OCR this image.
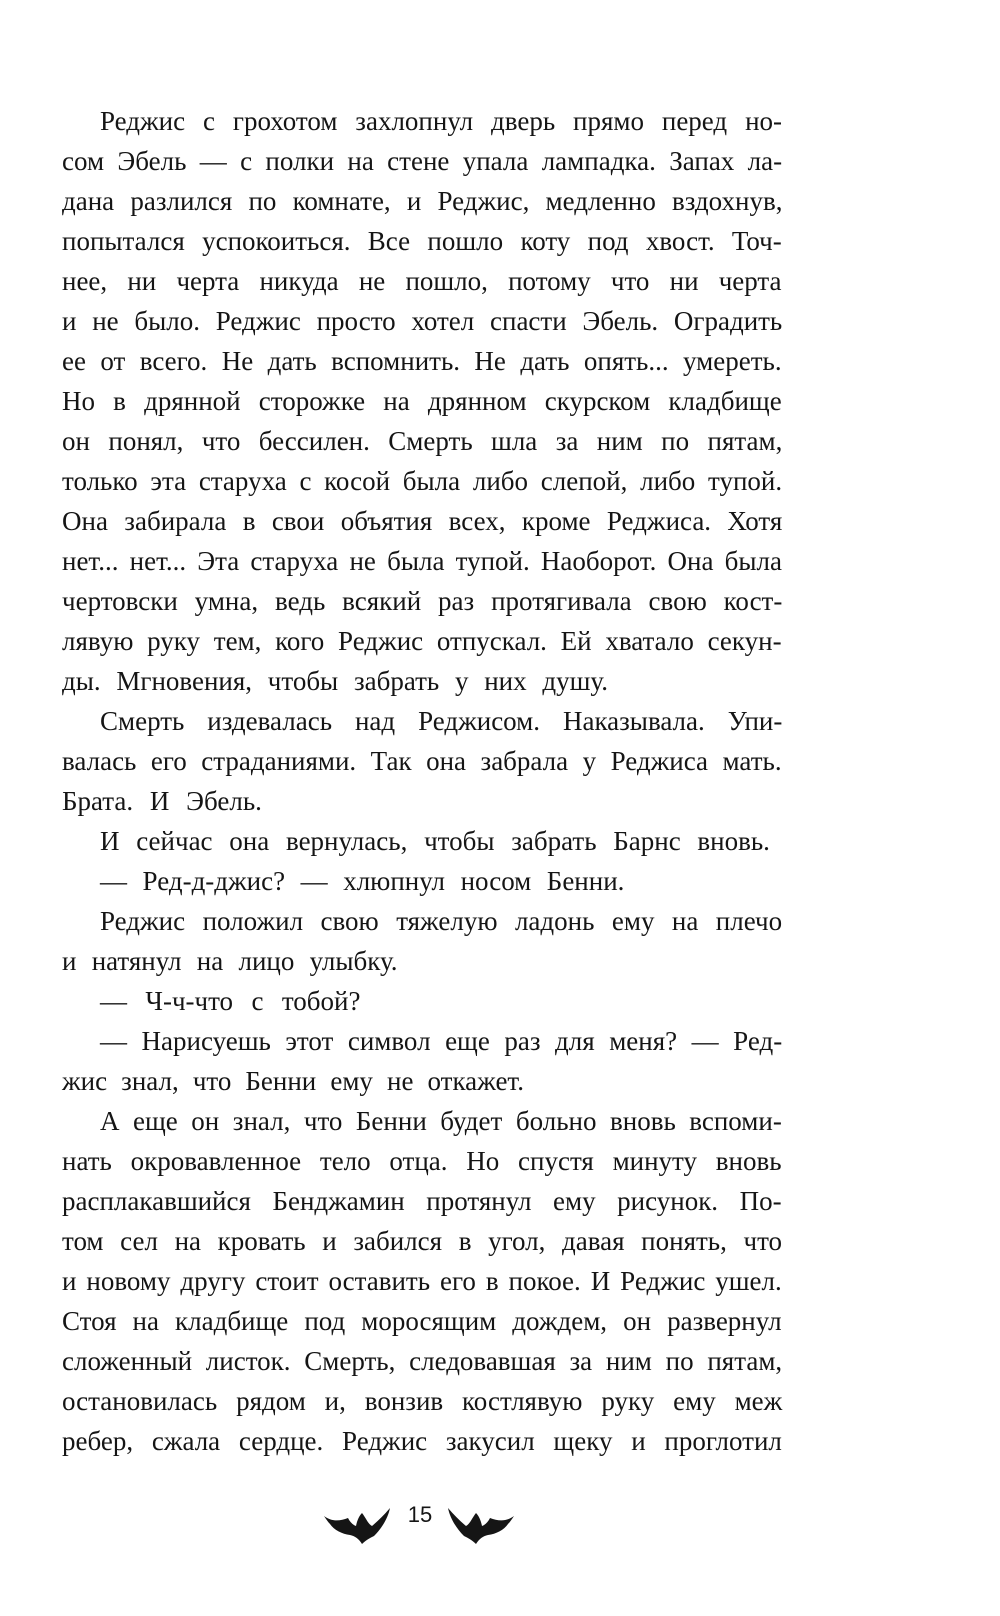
Реджис с грохотом захлопнул дверь прямо перед но-
сом Эбель — с полки на стене упала лампадка. Запах ла-
дана разлился по комнате, и Реджис, медленно вздохнув,
попытался успокоиться. Все пошло коту под хвост. Точ-
нее, ни черта никуда не пошло, потому что ни черта
и не было. Реджис просто хотел спасти Эбель. Оградить
ее от всего. Не дать вспомнить. Не дать опять... умереть.
Но в дрянной сторожке на дрянном скурском кладбище
он понял, что бессилен. Смерть шла за ним по пятам,
только эта старуха с косой была либо слепой, либо тупой.
Она забирала в свои объятия всех, кроме Реджиса. Хотя
нет... нет... Эта старуха не была тупой. Наоборот. Она была
чертовски умна, ведь всякий раз протягивала свою кост-
лявую руку тем, кого Реджис отпускал. Ей хватало секун-
ды. Мгновения, чтобы забрать у них душу.
Смерть издевалась над Реджисом. Наказывала. Упи-
валась его страданиями. Так она забрала у Реджиса мать.
Брата. И Эбель.
И сейчас она вернулась, чтобы забрать Барнс вновь.
— Ред-д-джис? — хлюпнул носом Бенни.
Реджис положил свою тяжелую ладонь ему на плечо
и натянул на лицо улыбку.
— Ч-ч-что с тобой?
— Нарисуешь этот символ еще раз для меня? — Ред-
жис знал, что Бенни ему не откажет.
А еще он знал, что Бенни будет больно вновь вспоми-
нать окровавленное тело отца. Но спустя минуту вновь
расплакавшийся Бенджамин протянул ему рисунок. По-
том сел на кровать и забился в угол, давая понять, что
и новому другу стоит оставить его в покое. И Реджис ушел.
Стоя на кладбище под моросящим дождем, он развернул
сложенный листок. Смерть, следовавшая за ним по пятам,
остановилась рядом и, вонзив костлявую руку ему меж
ребер, сжала сердце. Реджис закусил щеку и проглотил
15
